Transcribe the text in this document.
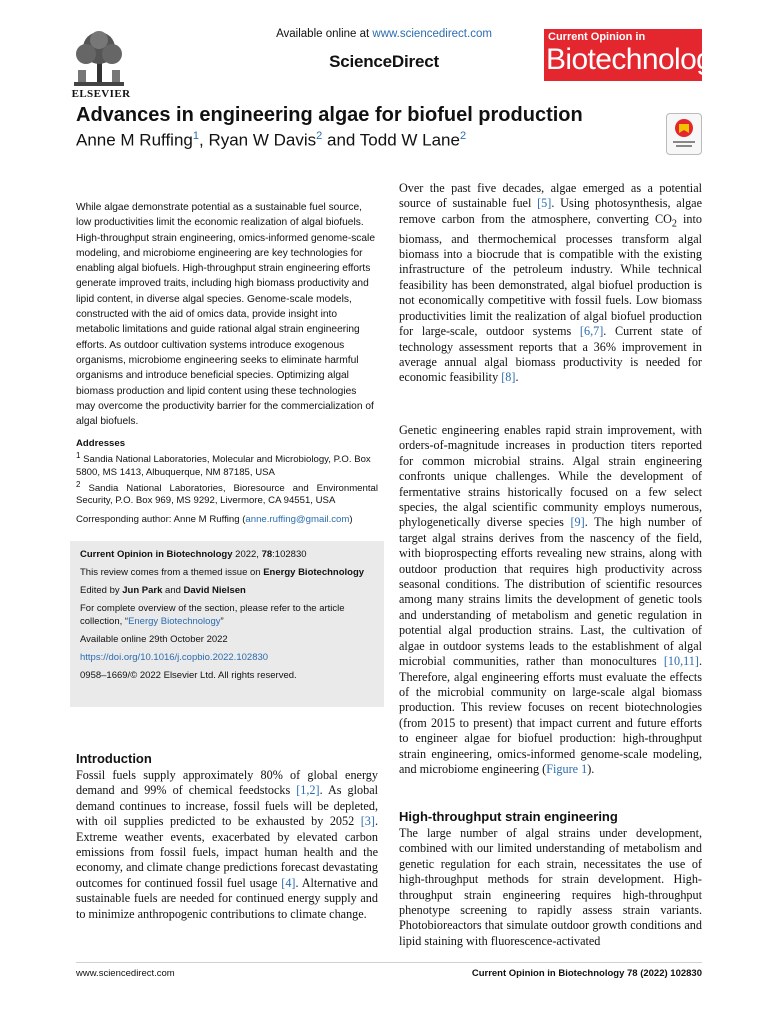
ELSEVIER
Available online at www.sciencedirect.com
ScienceDirect
Current Opinion in
Biotechnology
Advances in engineering algae for biofuel production
Anne M Ruffing$^1$, Ryan W Davis$^2$ and Todd W Lane$^2$
While algae demonstrate potential as a sustainable fuel source, low productivities limit the economic realization of algal biofuels. High-throughput strain engineering, omics-informed genome-scale modeling, and microbiome engineering are key technologies for enabling algal biofuels. High-throughput strain engineering efforts generate improved traits, including high biomass productivity and lipid content, in diverse algal species. Genome-scale models, constructed with the aid of omics data, provide insight into metabolic limitations and guide rational algal strain engineering efforts. As outdoor cultivation systems introduce exogenous organisms, microbiome engineering seeks to eliminate harmful organisms and introduce beneficial species. Optimizing algal biomass production and lipid content using these technologies may overcome the productivity barrier for the commercialization of algal biofuels.
Addresses
$^1$ Sandia National Laboratories, Molecular and Microbiology, P.O. Box 5800, MS 1413, Albuquerque, NM 87185, USA
$^2$ Sandia National Laboratories, Bioresource and Environmental Security, P.O. Box 969, MS 9292, Livermore, CA 94551, USA
Corresponding author: Anne M Ruffing (anne.ruffing@gmail.com)
Current Opinion in Biotechnology 2022, 78:102830
This review comes from a themed issue on Energy Biotechnology
Edited by Jun Park and David Nielsen
For complete overview of the section, please refer to the article
collection, “Energy Biotechnology”
Available online 29th October 2022
https://doi.org/10.1016/j.copbio.2022.102830
0958–1669/© 2022 Elsevier Ltd. All rights reserved.
Introduction
Fossil fuels supply approximately 80% of global energy demand and 99% of chemical feedstocks [1,2]. As global demand continues to increase, fossil fuels will be depleted, with oil supplies predicted to be exhausted by 2052 [3]. Extreme weather events, exacerbated by elevated carbon emissions from fossil fuels, impact human health and the economy, and climate change predictions forecast devastating outcomes for continued fossil fuel usage [4]. Alternative and sustainable fuels are needed for continued energy supply and to minimize anthropogenic contributions to climate change.
Over the past five decades, algae emerged as a potential source of sustainable fuel [5]. Using photosynthesis, algae remove carbon from the atmosphere, converting $CO_2$ into biomass, and thermochemical processes transform algal biomass into a biocrude that is compatible with the existing infrastructure of the petroleum industry. While technical feasibility has been demonstrated, algal biofuel production is not economically competitive with fossil fuels. Low biomass productivities limit the realization of algal biofuel production for large-scale, outdoor systems [6,7]. Current state of technology assessment reports that a 36% improvement in average annual algal biomass productivity is needed for economic feasibility [8].
Genetic engineering enables rapid strain improvement, with orders-of-magnitude increases in production titers reported for common microbial strains. Algal strain engineering confronts unique challenges. While the development of fermentative strains historically focused on a few select species, the algal scientific community employs numerous, phylogenetically diverse species [9]. The high number of target algal strains derives from the nascency of the field, with bioprospecting efforts revealing new strains, along with outdoor production that requires high productivity across seasonal conditions. The distribution of scientific resources among many strains limits the development of genetic tools and understanding of metabolism and genetic regulation in potential algal production strains. Last, the cultivation of algae in outdoor systems leads to the establishment of algal microbial communities, rather than monocultures [10,11]. Therefore, algal engineering efforts must evaluate the effects of the microbial community on large-scale algal biomass production. This review focuses on recent biotechnologies (from 2015 to present) that impact current and future efforts to engineer algae for biofuel production: high-throughput strain engineering, omics-informed genome-scale modeling, and microbiome engineering (Figure 1).
High-throughput strain engineering
The large number of algal strains under development, combined with our limited understanding of metabolism and genetic regulation for each strain, necessitates the use of high-throughput methods for strain development. High-throughput strain engineering requires high-throughput phenotype screening to rapidly assess strain variants. Photobioreactors that simulate outdoor growth conditions and lipid staining with fluorescence-activated
www.sciencedirect.com	Current Opinion in Biotechnology 78 (2022) 102830
